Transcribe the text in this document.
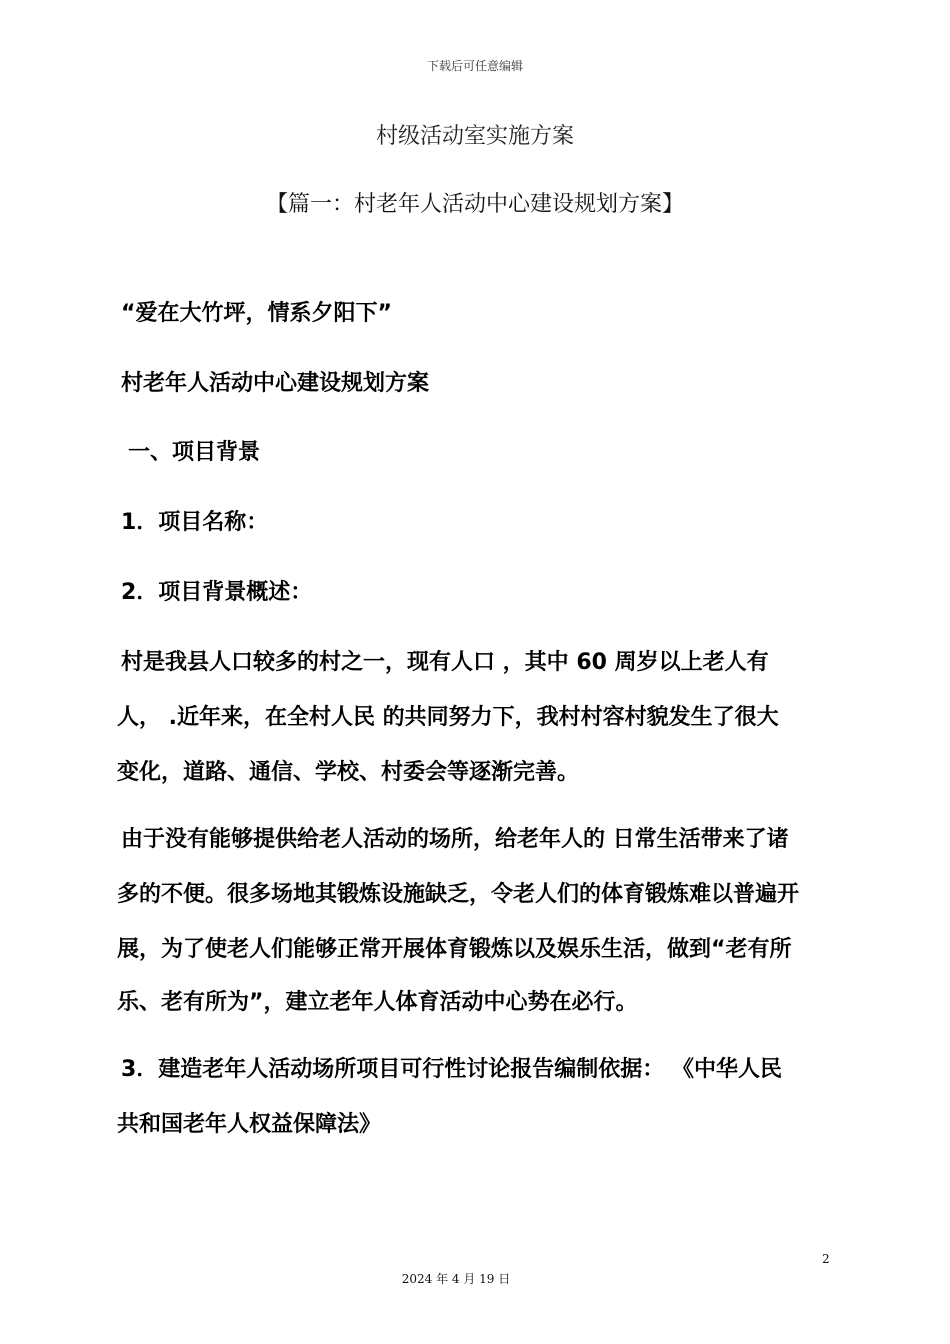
下载后可任意编辑
村级活动室实施方案
【篇一：村老年人活动中心建设规划方案】
“爱在大竹坪，情系夕阳下”
村老年人活动中心建设规划方案
一、项目背景
1．项目名称：
2．项目背景概述：
村是我县人口较多的村之一，现有人口 ，其中 60 周岁以上老人有
人， .近年来，在全村人民 的共同努力下，我村村容村貌发生了很大
变化，道路、通信、学校、村委会等逐渐完善。
由于没有能够提供给老人活动的场所，给老年人的 日常生活带来了诸
多的不便。很多场地其锻炼设施缺乏，令老人们的体育锻炼难以普遍开
展，为了使老人们能够正常开展体育锻炼以及娱乐生活，做到“老有所
乐、老有所为”，建立老年人体育活动中心势在必行。
3．建造老年人活动场所项目可行性讨论报告编制依据： 《中华人民
共和国老年人权益保障法》
2
2024 年 4 月 19 日
